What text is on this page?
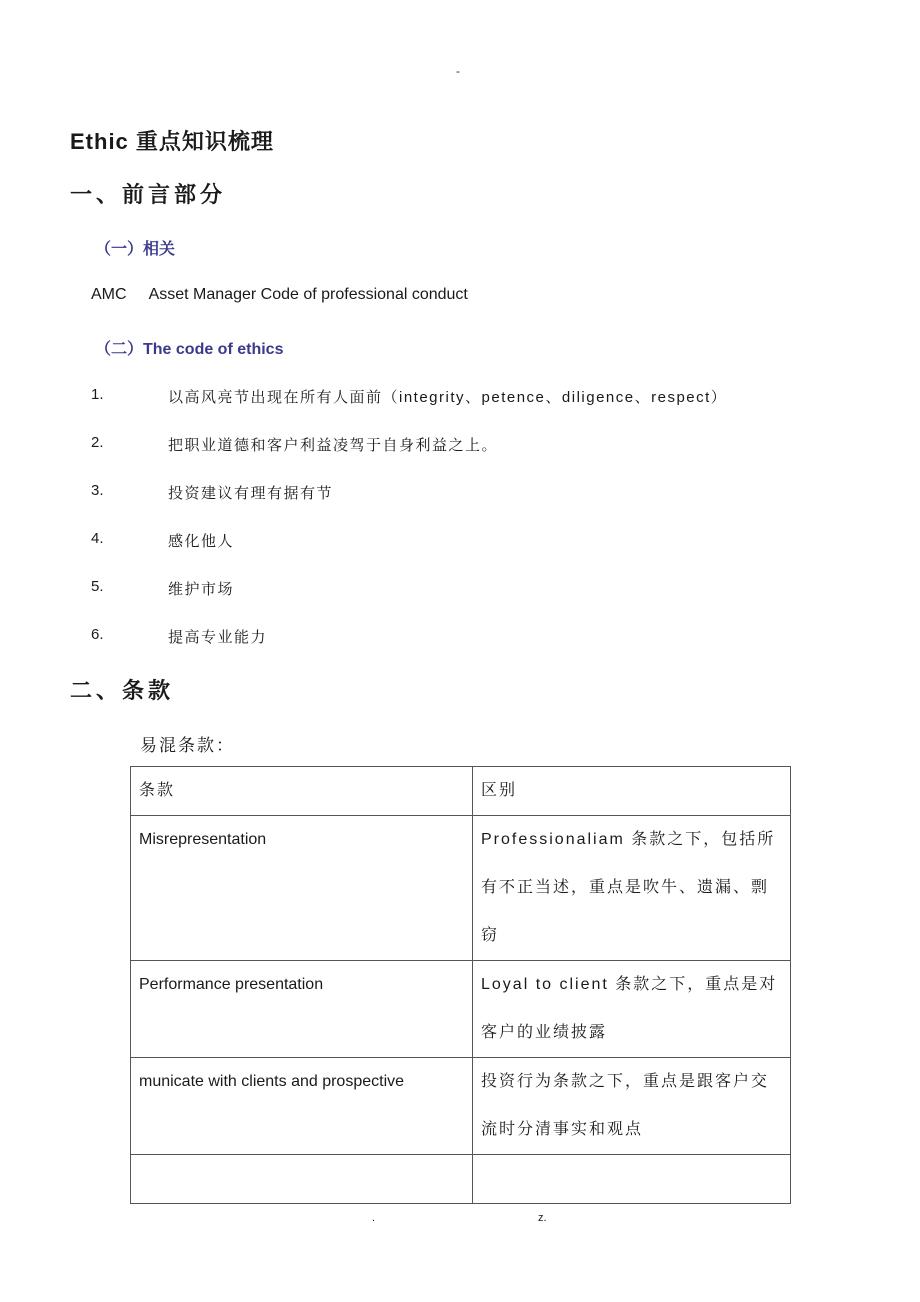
-
Ethic 重点知识梳理
一、前言部分
（一）相关
AMC Asset Manager Code of professional conduct
（二）The code of ethics
1.	以高风亮节出现在所有人面前（integrity、petence、diligence、respect）
2.	把职业道德和客户利益凌驾于自身利益之上。
3.	投资建议有理有据有节
4.	感化他人
5.	维护市场
6.	提高专业能力
二、条款
易混条款：
条款	区别
Misrepresentation	Professionaliam 条款之下，包括所有不正当述，重点是吹牛、遗漏、剽窃

Performance presentation	Loyal to client 条款之下，重点是对客户的业绩披露

municate with clients and prospective	投资行为条款之下，重点是跟客户交流时分清事实和观点

.	z.
